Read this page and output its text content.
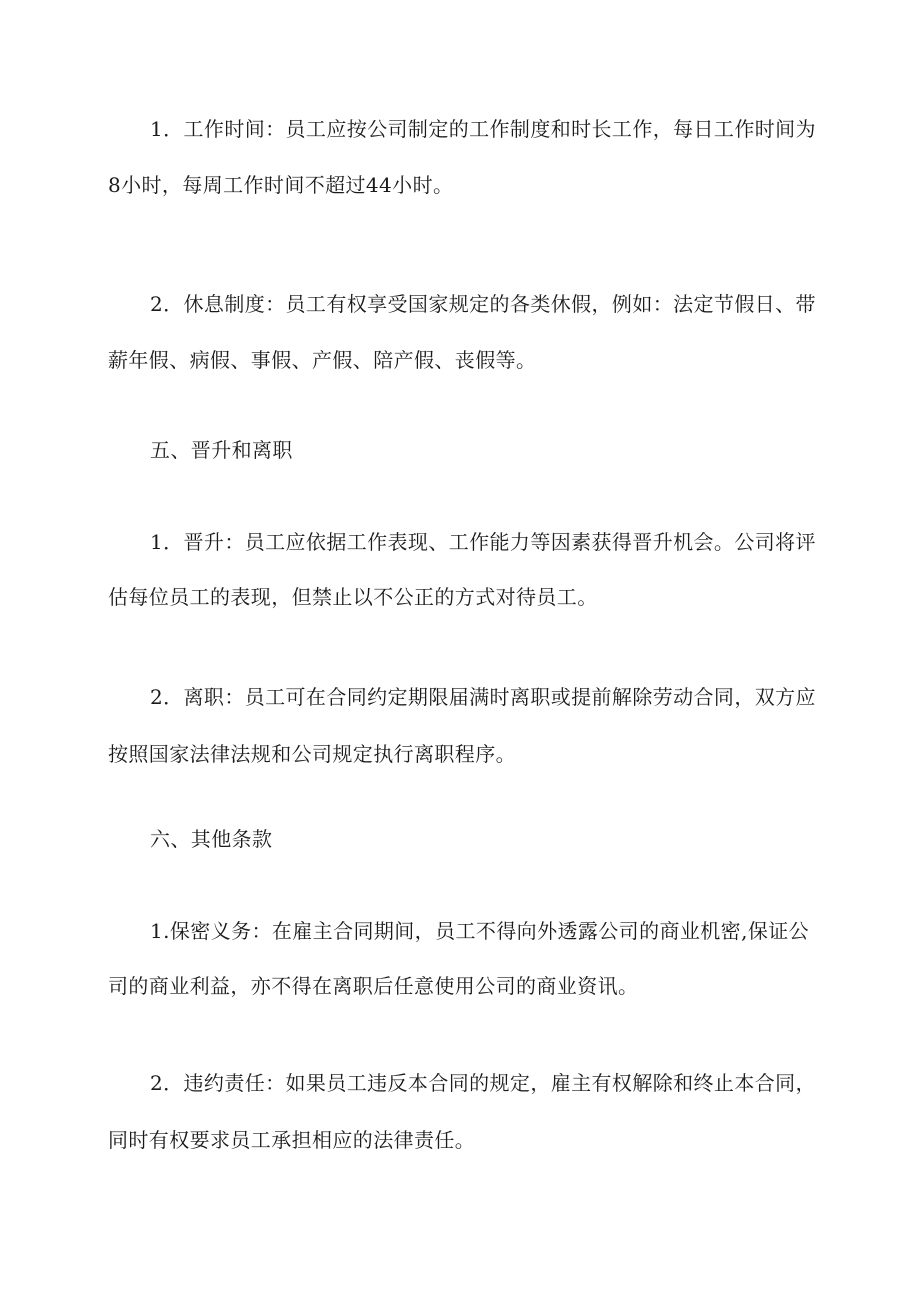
1．工作时间：员工应按公司制定的工作制度和时长工作，每日工作时间为
8小时，每周工作时间不超过44小时。
2．休息制度：员工有权享受国家规定的各类休假，例如：法定节假日、带
薪年假、病假、事假、产假、陪产假、丧假等。
五、晋升和离职
1．晋升：员工应依据工作表现、工作能力等因素获得晋升机会。公司将评
估每位员工的表现，但禁止以不公正的方式对待员工。
2．离职：员工可在合同约定期限届满时离职或提前解除劳动合同，双方应
按照国家法律法规和公司规定执行离职程序。
六、其他条款
1.保密义务：在雇主合同期间，员工不得向外透露公司的商业机密,保证公
司的商业利益，亦不得在离职后任意使用公司的商业资讯。
2．违约责任：如果员工违反本合同的规定，雇主有权解除和终止本合同，
同时有权要求员工承担相应的法律责任。
